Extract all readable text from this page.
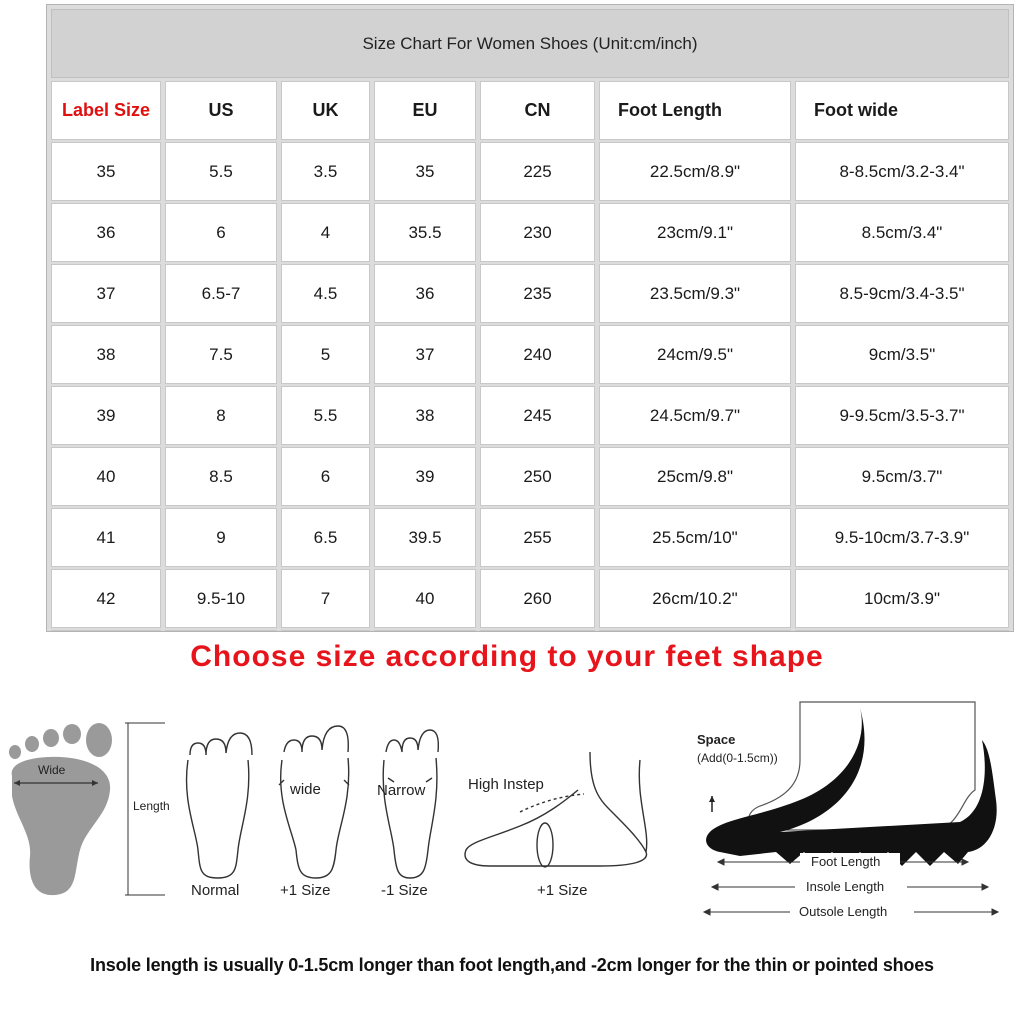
Size Chart For Women Shoes (Unit:cm/inch)
Label Size	US	UK	EU	CN	Foot Length	Foot wide
35	5.5	3.5	35	225	22.5cm/8.9"	8-8.5cm/3.2-3.4"
36	6	4	35.5	230	23cm/9.1"	8.5cm/3.4"
37	6.5-7	4.5	36	235	23.5cm/9.3"	8.5-9cm/3.4-3.5"
38	7.5	5	37	240	24cm/9.5"	9cm/3.5"
39	8	5.5	38	245	24.5cm/9.7"	9-9.5cm/3.5-3.7"
40	8.5	6	39	250	25cm/9.8"	9.5cm/3.7"
41	9	6.5	39.5	255	25.5cm/10"	9.5-10cm/3.7-3.9"
42	9.5-10	7	40	260	26cm/10.2"	10cm/3.9"
Choose size according to your feet shape
Wide
Length
Normal
wide
+1 Size
Narrow
-1 Size
High Instep
+1 Size
Space
(Add(0-1.5cm))
Foot Length
Insole Length
Outsole Length
Insole length is usually 0-1.5cm longer than foot length,and -2cm longer for the thin or pointed shoes
